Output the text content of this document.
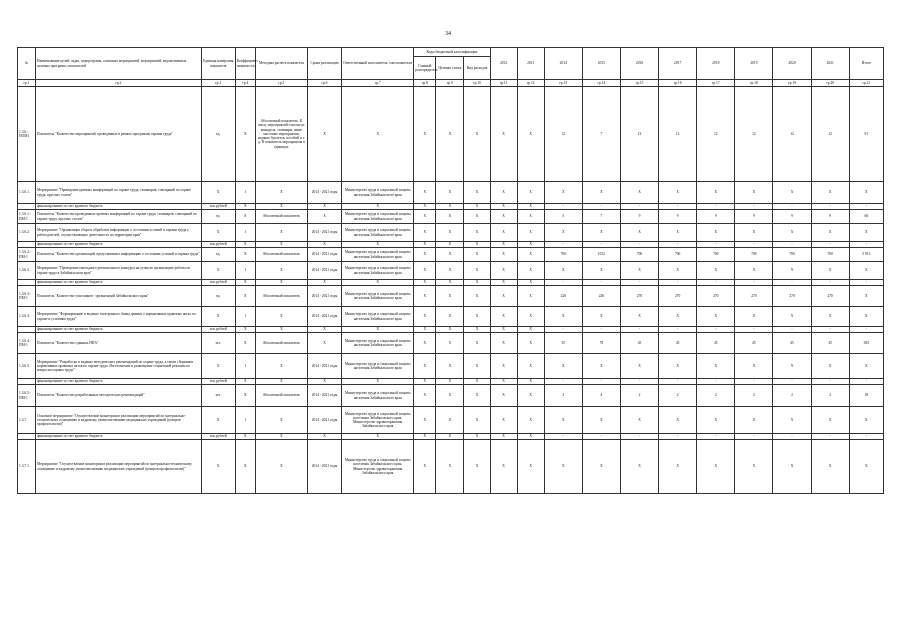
34
№	Наименование целей, задач, подпрограмм, основных мероприятий, мероприятий, ведомственных целевых программ, показателей	Единица измерения показателя	Коэффициент значимости	Методика расчета показателя	Сроки реализации	Ответственный исполнитель, соисполнители	Коды бюджетной классификации			2012	2013	2014	2015	2016	2017	2018	2019	2020	2021	Итого
							Главный распорядитель	Целевая статья	Вид расходов											
гр.1	гр.2	гр.3	гр.4	гр.5	гр.6	гр.7	гр.8	гр.9	гр.10	гр.11	гр.12	гр.13	гр.14	гр.15	гр.16	гр.17	гр.18	гр.19	гр.20	гр.21
1.3.6.-ПОМ1	Показатель "Количество мероприятий, проведенных в рамках программы охраны труда"	ед.	X	Абсолютный показатель. К числу мероприятий относятся: конкурсы, семинары, иные массовые мероприятия, издание буклетов, пособий и т. д. В показатель мероприятия в единицах	X	X	X	X	X	X	X	12	7	12	12	12	12	12	12	91
1.3.6.1.	Мероприятие "Проведение краевых конференций по охране труда, семинаров, совещаний по охране труда, круглых столов"	X	1	X	2014 - 2021 годы	Министерство труда и социальной защиты населения Забайкальского края	X	X	X	X	X	X	X	X	X	X	X	X	X	X
	финансирование за счет краевого бюджета	тыс.рублей	X	X	X	X	X	X	X	X	X	-	-	-	-	-	-	-	-	-
1.3.6.1.-ПМ-1	Показатель "Количество проведенных краевых конференций по охране труда, семинаров, совещаний по охране труда, круглых столов"	ед.	X	Абсолютный показатель	X	Министерство труда и социальной защиты населения Забайкальского края	X	X	X	X	X	5	7	9	9	9	9	9	9	66
1.3.6.2.	Мероприятие "Организация сбора и обработки информации о состоянии условий и охраны труда у работодателей, осуществляющих деятельность на территории края"	X	1	X	2014 - 2021 годы	Министерство труда и социальной защиты населения Забайкальского края	X	X	X	X	X	X	X	X	X	X	X	X	X	X
	финансирование за счет краевого бюджета	тыс.рублей	X	X	X	X	X	X	X	X	X	-	-	-	-	-	-	-	-	-
1.3.6.2.-ПМ-1	Показатель "Количество организаций, представивших информацию о состоянии условий и охраны труда"	ед.	X	Абсолютный показатель	2014 - 2021 годы	Министерство труда и социальной защиты населения Забайкальского края	X	X	X	X	X	700	1012	700	700	700	700	700	700	5 912
1.3.6.3.	Мероприятие "Проведение ежегодного регионального конкурса на лучшую организацию работы по охране труда в Забайкальском крае"	X	1	X	2014 - 2021 годы	Министерство труда и социальной защиты населения Забайкальского края	X	X	X	X	X	X	X	X	X	X	X	X	X	X
	финансирование за счет краевого бюджета	тыс.рублей	X	X	X	X	X	X	X	X	X	-	-	-	-	-	-	-	-	-
1.3.6.3.-ПМ-1	Показатель "Количество участников - организаций Забайкальского края"	ед.	X	Абсолютный показатель	2014 - 2021 годы	Министерство труда и социальной защиты населения Забайкальского края	X	X	X	X	X	226	226	270	270	270	270	270	270	X
1.3.6.4.	Мероприятие "Формирование и ведение электронного банка данных о нормативных правовых актах по охране и условиям труда"	X	1	X	2014 - 2021 годы	Министерство труда и социальной защиты населения Забайкальского края	X	X	X	X	X	X	X	X	X	X	X	X	X	X
	финансирование за счет краевого бюджета	тыс.рублей	X	X	X	X	X	X	X	X	X	-	-	-	-	-	-	-	-	-
1.3.6.4.-ПМ-1	Показатель "Количество сданных НПА"	шт.	X	Абсолютный показатель	X	Министерство труда и социальной защиты населения Забайкальского края	X	X	X	X	X	35	78	45	45	45	45	45	45	383
1.3.6.5.	Мероприятие "Разработка и издание методических рекомендаций по охране труда, а также сборников нормативных правовых актов по охране труда. Изготовление и размещение социальной рекламы по вопросам охраны труда"	X	1	X	2014 - 2021 годы	Министерство труда и социальной защиты населения Забайкальского края	X	X	X	X	X	X	X	X	X	X	X	X	X	X
	финансирование за счет краевого бюджета	тыс.рублей	X	X	X	X	X	X	X	X	X	-	-	-	-	-	-	-	-	-
1.3.6.5.-ПМ-1	Показатель "Количество разработанных методических рекомендаций"	шт.	X	Абсолютный показатель	2014 - 2021 годы	Министерство труда и социальной защиты населения Забайкальского края	X	X	X	X	X	2	4	2	2	2	2	2	2	18
1.3.7.	Основное мероприятие "Осуществление мониторинга реализации мероприятий по материально-техническому оснащению и кадровому укомплектованию медицинских учреждений (центров профпатологии)"	X	1	X	2014 - 2021 годы	Министерство труда и социальной защиты населения Забайкальского края, Министерство здравоохранения Забайкальского края	X	X	X	X	X	X	X	X	X	X	X	X	X	X
	финансирование за счет краевого бюджета	тыс.рублей	X	X	X	X	X	X	X	X	X	-	-	-	-	-	-	-	-	-
1.3.7.1.	Мероприятие "Осуществление мониторинга реализации мероприятий по материально-техническому оснащению и кадровому укомплектованию медицинских учреждений (центров профпатологии)"	X	X	X	2014 - 2021 годы	Министерство труда и социальной защиты населения Забайкальского края, Министерство здравоохранения Забайкальского края	X	X	X	X	X	X	X	X	X	X	X	X	X	X
